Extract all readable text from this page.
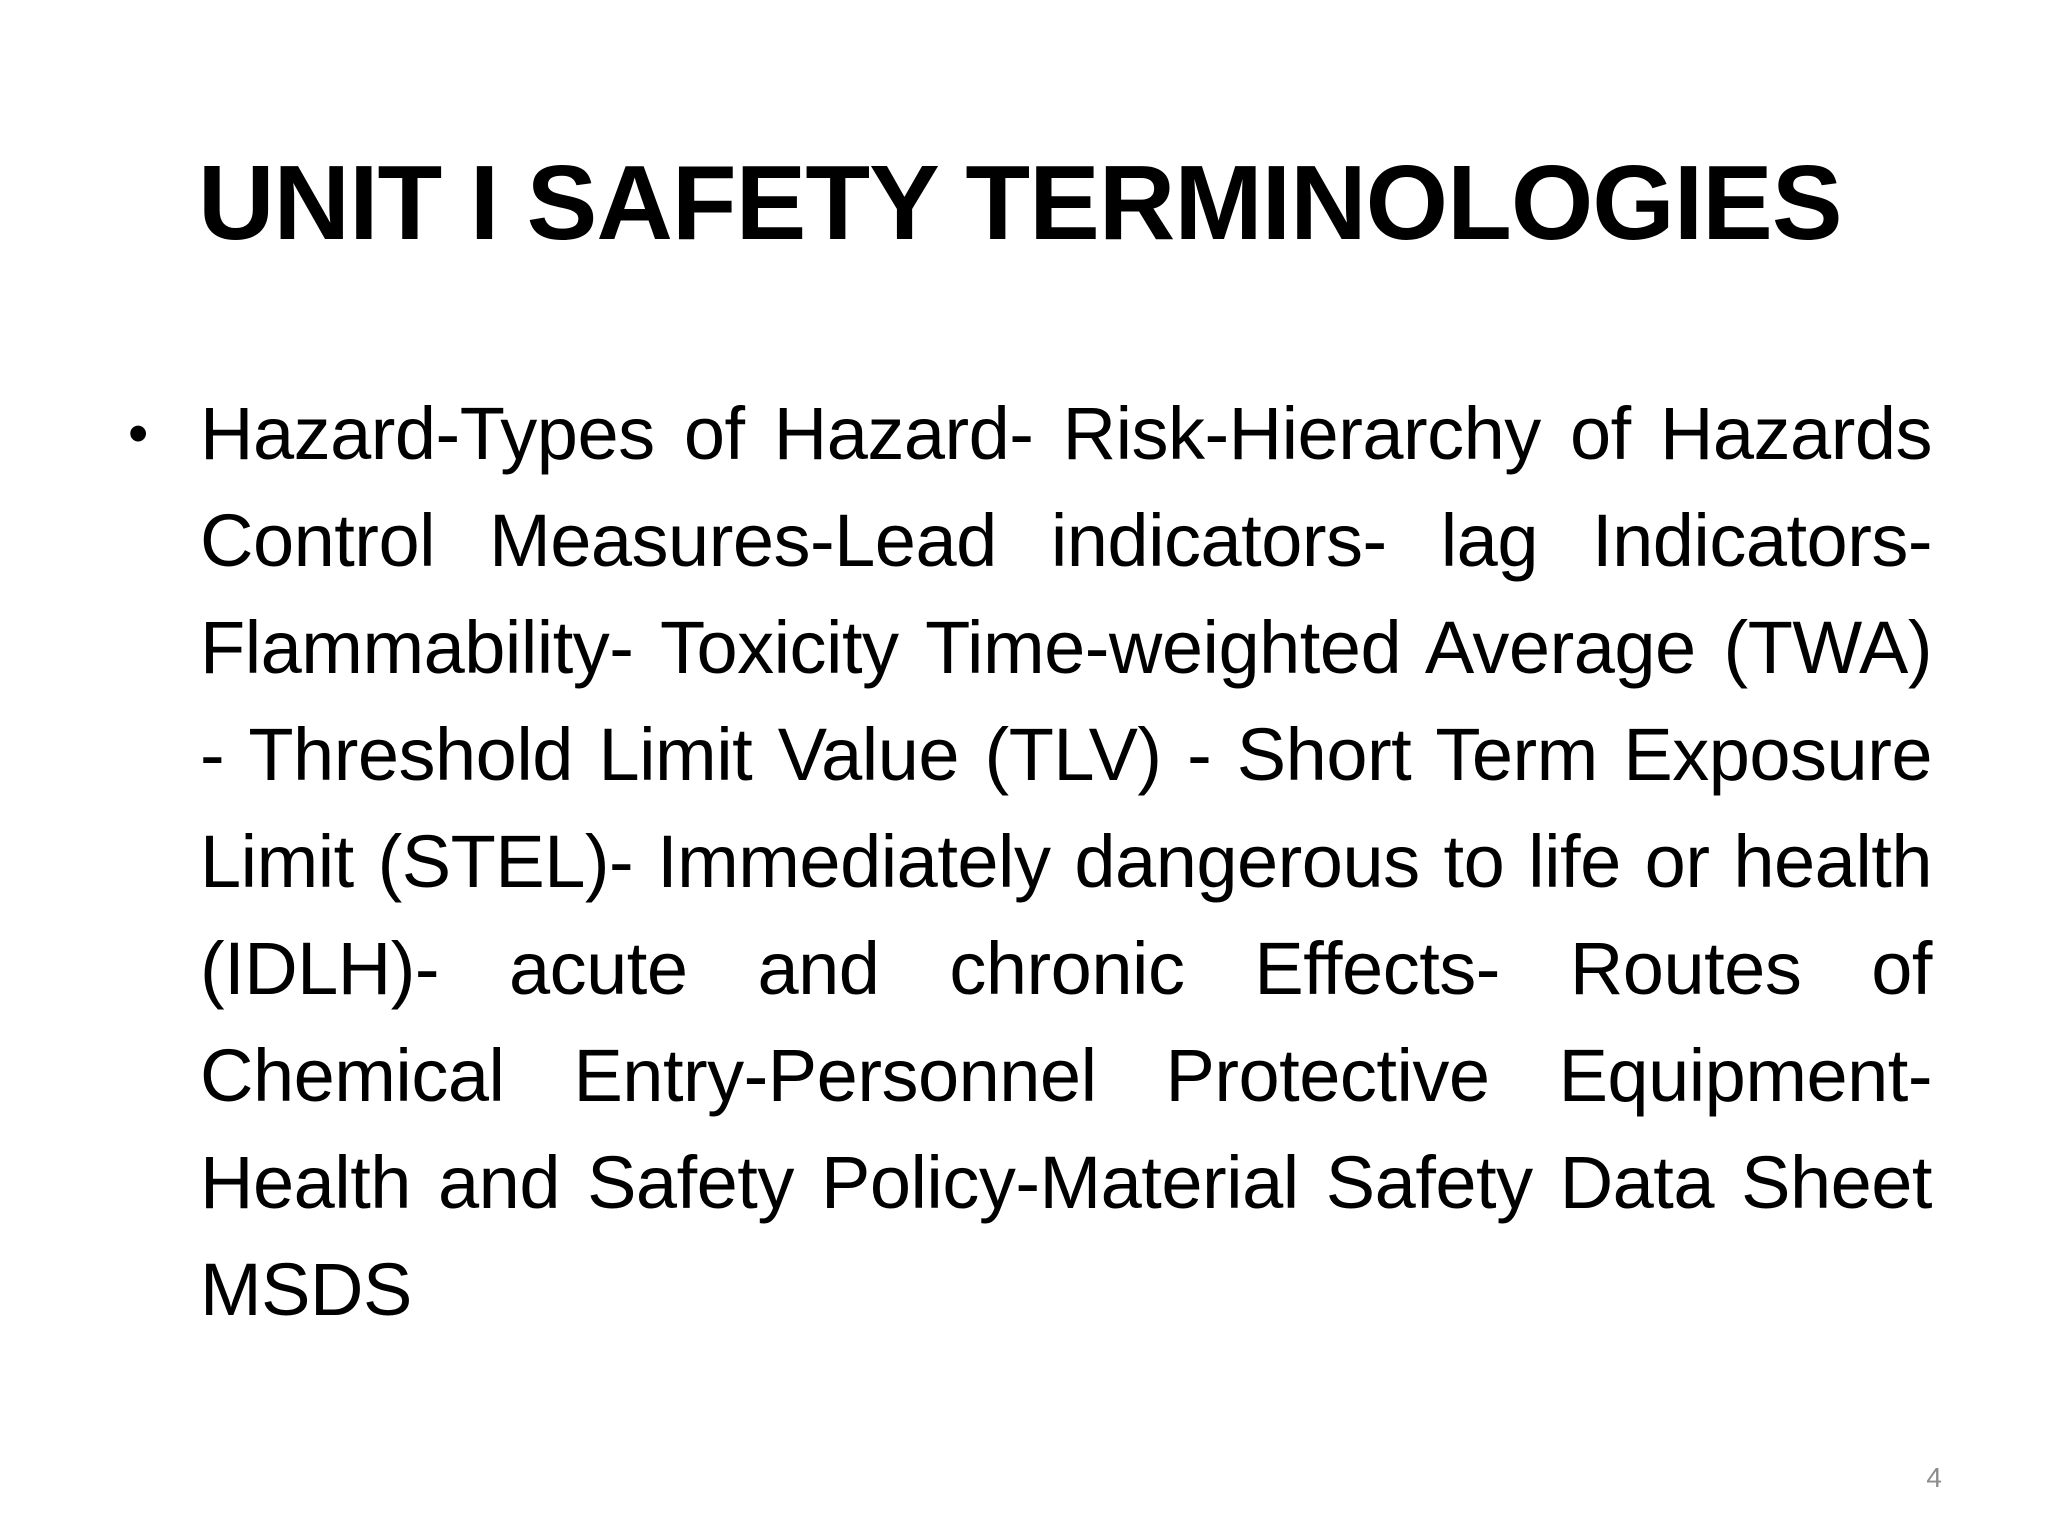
UNIT I SAFETY TERMINOLOGIES
• Hazard-Types of Hazard- Risk-Hierarchy of Hazards Control Measures-Lead indicators- lag Indicators-Flammability- Toxicity Time-weighted Average (TWA) - Threshold Limit Value (TLV) - Short Term Exposure Limit (STEL)- Immediately dangerous to life or health (IDLH)- acute and chronic Effects- Routes of Chemical Entry-Personnel Protective Equipment- Health and Safety Policy-Material Safety Data Sheet MSDS
4
